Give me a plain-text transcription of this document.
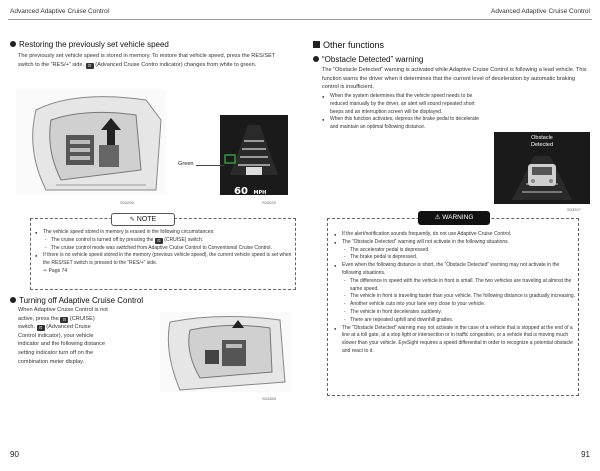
Advanced Adaptive Cruise Control	Advanced Adaptive Cruise Control
Restoring the previously set vehicle speed
The previously set vehicle speed is stored in memory. To restore that vehicle speed, press the RES/SET switch to the “RES/+” side. ⊡ (Advanced Cruise Contro indicator) changes from white to green.
S03295
60 MPH
Green
S03029
✎ NOTE
● The vehicle speed stored in memory is erased in the following circumstances:
- The cruise control is turned off by pressing the ⊡ (CRUISE) switch.
- The cruise control mode was switched from Adaptive Cruise Control to Conventional Cruise Control.
● If there is no vehicle speed stored in the memory (previous vehicle speed), the current vehicle speed is set when the RES/SET switch is pressed to the “RES/+” side.
⇨ Page 74
Turning off Adaptive Cruise Control
When Adaptive Cruise Control is not active, press the ⊡ (CRUISE) switch. ⊡ (Advanced Cruise Control indicator), your vehicle indicator and the following distance setting indicator turn off on the combination meter display.
S03383
90
Other functions
“Obstacle Detected” warning
The “Obstacle Detected” warning is activated while Adaptive Cruise Control is following a lead vehicle. This function warns the driver when it determines that the current level of deceleration by automatic braking control is insufficient.
● When the system determines that the vehicle speed needs to be reduced manually by the driver, an alert will sound repeated short beeps and an interruption screen will be displayed.
● When this function activates, depress the brake pedal to decelerate and maintain an optimal following distance.
Obstacle
Detected
S03207
⚠ WARNING
● If the alert/notification sounds frequently, do not use Adaptive Cruise Control.
● The “Obstacle Detected” warning will not activate in the following situations.
- The accelerator pedal is depressed.
- The brake pedal is depressed.
● Even when the following distance is short, the “Obstacle Detected” warning may not activate in the following situations.
- The difference in speed with the vehicle in front is small. The two vehicles are traveling at almost the same speed.
- The vehicle in front is traveling faster than your vehicle. The following distance is gradually increasing.
- Another vehicle cuts into your lane very close to your vehicle.
- The vehicle in front decelerates suddenly.
- There are repeated uphill and downhill grades.
● The “Obstacle Detected” warning may not activate in the case of a vehicle that is stopped at the end of a line at a toll gate, at a stop light or intersection or in traffic congestion, or a vehicle that is moving much slower than your vehicle. EyeSight requires a speed differential in order to recognize a potential obstacle and react to it.
91
